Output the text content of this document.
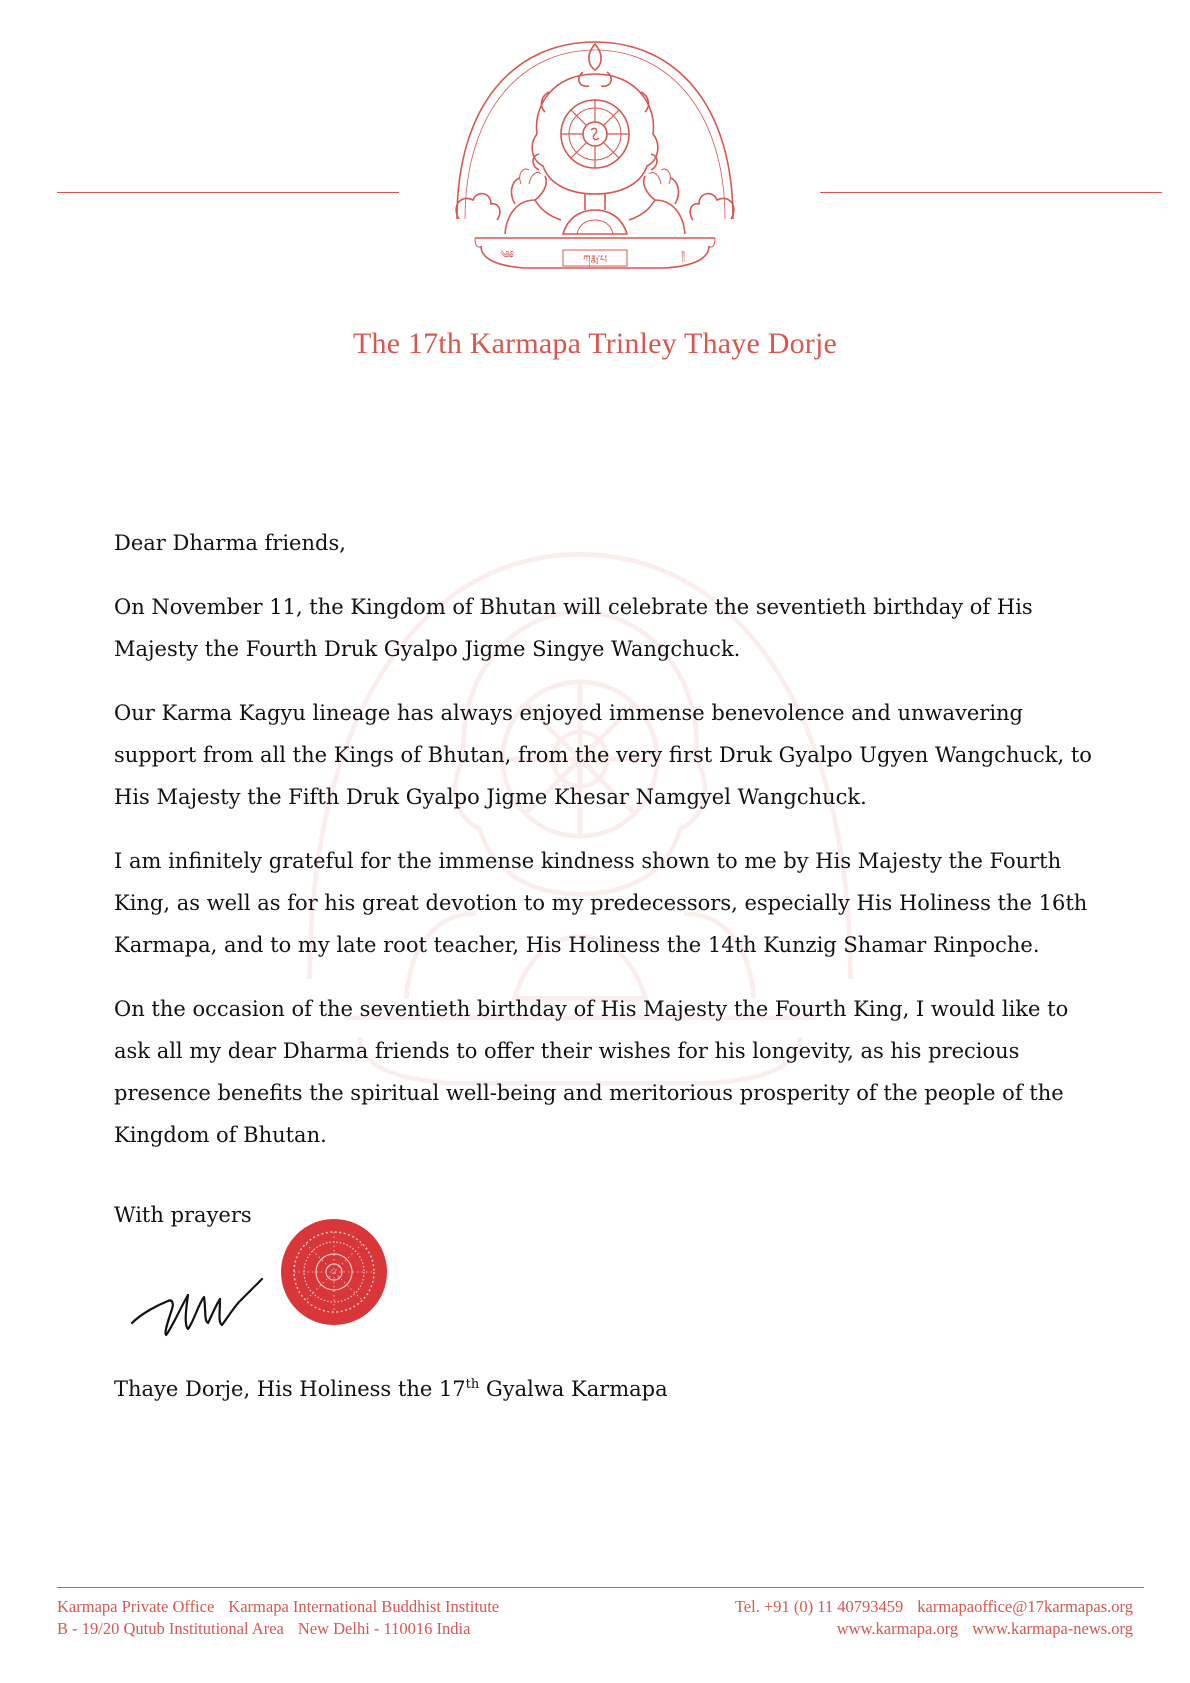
ཀརྨ་པ
༄༅	༎
The 17th Karmapa Trinley Thaye Dorje

Dear Dharma friends,

On November 11, the Kingdom of Bhutan will celebrate the seventieth birthday of His Majesty the Fourth Druk Gyalpo Jigme Singye Wangchuck.

Our Karma Kagyu lineage has always enjoyed immense benevolence and unwavering support from all the Kings of Bhutan, from the very first Druk Gyalpo Ugyen Wangchuck, to His Majesty the Fifth Druk Gyalpo Jigme Khesar Namgyel Wangchuck.

I am infinitely grateful for the immense kindness shown to me by His Majesty the Fourth King, as well as for his great devotion to my predecessors, especially His Holiness the 16th Karmapa, and to my late root teacher, His Holiness the 14th Kunzig Shamar Rinpoche.

On the occasion of the seventieth birthday of His Majesty the Fourth King, I would like to ask all my dear Dharma friends to offer their wishes for his longevity, as his precious presence benefits the spiritual well-being and meritorious prosperity of the people of the Kingdom of Bhutan.

With prayers
Thaye Dorje, His Holiness the 17th Gyalwa Karmapa
Karmapa Private Office Karmapa International Buddhist Institute
B - 19/20 Qutub Institutional Area New Delhi - 110016 India
Tel. +91 (0) 11 40793459 karmapaoffice@17karmapas.org
www.karmapa.org www.karmapa-news.org
